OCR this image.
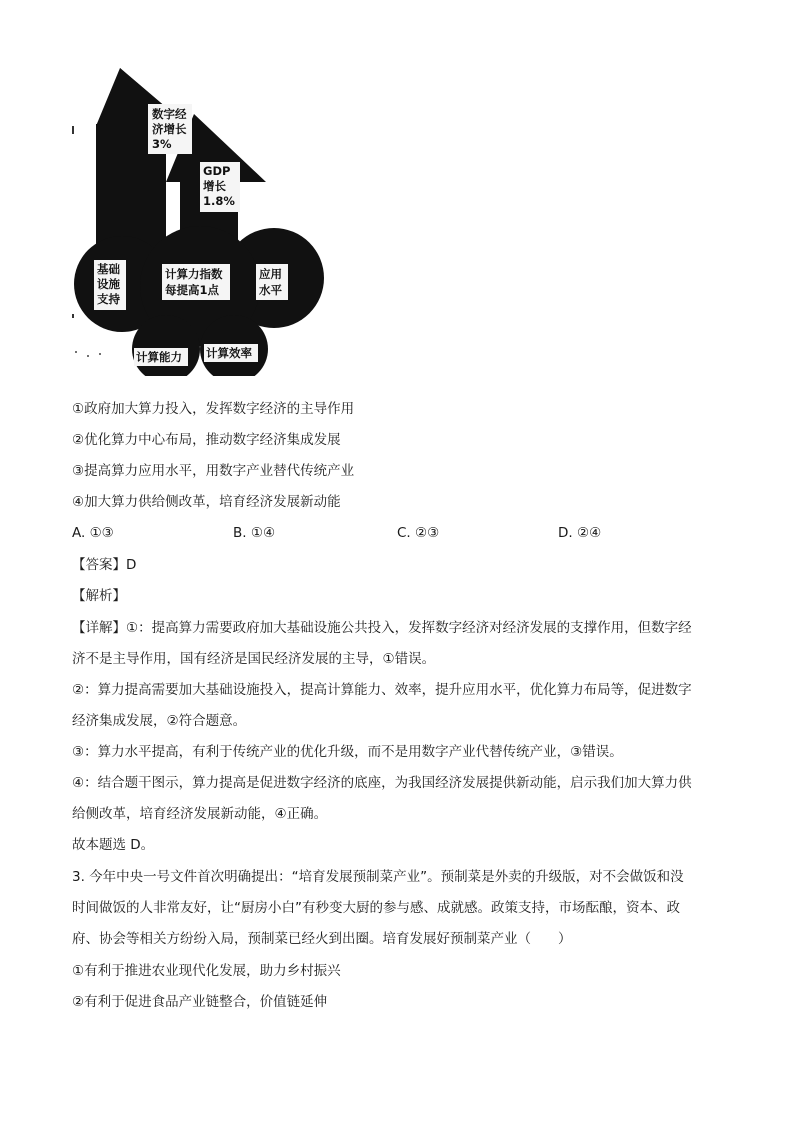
数字经
济增长
3%
GDP
增长
1.8%
计算力指数
每提高1点
基础
设施
支持
应用
水平
计算能力 计算效率
①政府加大算力投入，发挥数字经济的主导作用
②优化算力中心布局，推动数字经济集成发展
③提高算力应用水平，用数字产业替代传统产业
④加大算力供给侧改革，培育经济发展新动能
A. ①③	B. ①④	C. ②③	D. ②④
【答案】D
【解析】
【详解】①：提高算力需要政府加大基础设施公共投入，发挥数字经济对经济发展的支撑作用，但数字经
济不是主导作用，国有经济是国民经济发展的主导，①错误。
②：算力提高需要加大基础设施投入，提高计算能力、效率，提升应用水平，优化算力布局等，促进数字
经济集成发展，②符合题意。
③：算力水平提高，有利于传统产业的优化升级，而不是用数字产业代替传统产业，③错误。
④：结合题干图示，算力提高是促进数字经济的底座，为我国经济发展提供新动能，启示我们加大算力供
给侧改革，培育经济发展新动能，④正确。
故本题选 D。
3. 今年中央一号文件首次明确提出：“培育发展预制菜产业”。预制菜是外卖的升级版，对不会做饭和没
时间做饭的人非常友好，让“厨房小白”有秒变大厨的参与感、成就感。政策支持，市场酝酿，资本、政
府、协会等相关方纷纷入局，预制菜已经火到出圈。培育发展好预制菜产业（　　）
①有利于推进农业现代化发展，助力乡村振兴
②有利于促进食品产业链整合，价值链延伸
